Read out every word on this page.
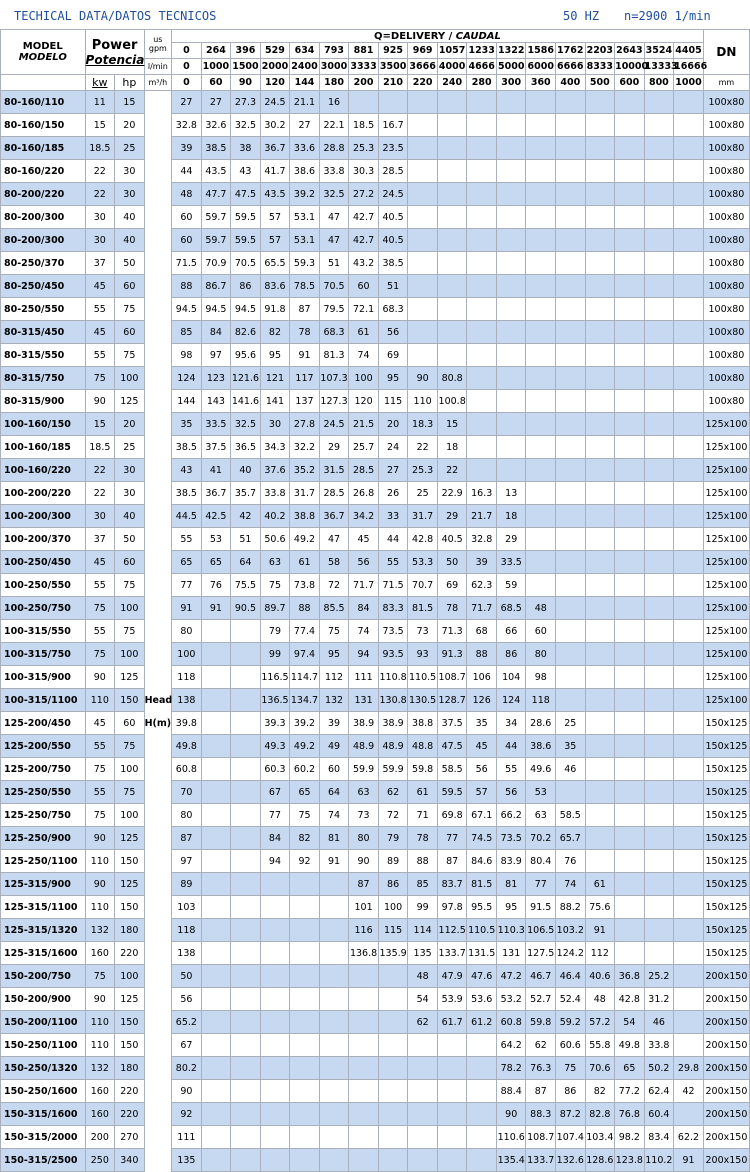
TECHICAL DATA/DATOS TECNICOS	50 HZ n=2900 1/min
MODEL
MODELO	Power
Potencia		us
gpm	Q=DELIVERY / CAUDAL																		DN
				0	264	396	529	634	793	881	925	969	1057	1233	1322	1586	1762	2203	2643	3524	4405	
			l/min	0	1000	1500	2000	2400	3000	3333	3500	3666	4000	4666	5000	6000	6666	8333	10000	13333	16666	
	kw	hp	m³/h	0	60	90	120	144	180	200	210	220	240	280	300	360	400	500	600	800	1000	mm
80-160/110	11	15		27	27	27.3	24.5	21.1	16													100x80
80-160/150	15	20		32.8	32.6	32.5	30.2	27	22.1	18.5	16.7											100x80
80-160/185	18.5	25		39	38.5	38	36.7	33.6	28.8	25.3	23.5											100x80
80-160/220	22	30		44	43.5	43	41.7	38.6	33.8	30.3	28.5											100x80
80-200/220	22	30		48	47.7	47.5	43.5	39.2	32.5	27.2	24.5											100x80
80-200/300	30	40		60	59.7	59.5	57	53.1	47	42.7	40.5											100x80
80-200/300	30	40		60	59.7	59.5	57	53.1	47	42.7	40.5											100x80
80-250/370	37	50		71.5	70.9	70.5	65.5	59.3	51	43.2	38.5											100x80
80-250/450	45	60		88	86.7	86	83.6	78.5	70.5	60	51											100x80
80-250/550	55	75		94.5	94.5	94.5	91.8	87	79.5	72.1	68.3											100x80
80-315/450	45	60		85	84	82.6	82	78	68.3	61	56											100x80
80-315/550	55	75		98	97	95.6	95	91	81.3	74	69											100x80
80-315/750	75	100		124	123	121.6	121	117	107.3	100	95	90	80.8									100x80
80-315/900	90	125		144	143	141.6	141	137	127.3	120	115	110	100.8									100x80
100-160/150	15	20		35	33.5	32.5	30	27.8	24.5	21.5	20	18.3	15									125x100
100-160/185	18.5	25		38.5	37.5	36.5	34.3	32.2	29	25.7	24	22	18									125x100
100-160/220	22	30		43	41	40	37.6	35.2	31.5	28.5	27	25.3	22									125x100
100-200/220	22	30		38.5	36.7	35.7	33.8	31.7	28.5	26.8	26	25	22.9	16.3	13							125x100
100-200/300	30	40		44.5	42.5	42	40.2	38.8	36.7	34.2	33	31.7	29	21.7	18							125x100
100-200/370	37	50		55	53	51	50.6	49.2	47	45	44	42.8	40.5	32.8	29							125x100
100-250/450	45	60		65	65	64	63	61	58	56	55	53.3	50	39	33.5							125x100
100-250/550	55	75		77	76	75.5	75	73.8	72	71.7	71.5	70.7	69	62.3	59							125x100
100-250/750	75	100		91	91	90.5	89.7	88	85.5	84	83.3	81.5	78	71.7	68.5	48						125x100
100-315/550	55	75		80			79	77.4	75	74	73.5	73	71.3	68	66	60						125x100
100-315/750	75	100		100			99	97.4	95	94	93.5	93	91.3	88	86	80						125x100
100-315/900	90	125		118			116.5	114.7	112	111	110.8	110.5	108.7	106	104	98						125x100
100-315/1100	110	150	Head	138			136.5	134.7	132	131	130.8	130.5	128.7	126	124	118						125x100
125-200/450	45	60	H(m)	39.8			39.3	39.2	39	38.9	38.9	38.8	37.5	35	34	28.6	25					150x125
125-200/550	55	75		49.8			49.3	49.2	49	48.9	48.9	48.8	47.5	45	44	38.6	35					150x125
125-200/750	75	100		60.8			60.3	60.2	60	59.9	59.9	59.8	58.5	56	55	49.6	46					150x125
125-250/550	55	75		70			67	65	64	63	62	61	59.5	57	56	53						150x125
125-250/750	75	100		80			77	75	74	73	72	71	69.8	67.1	66.2	63	58.5					150x125
125-250/900	90	125		87			84	82	81	80	79	78	77	74.5	73.5	70.2	65.7					150x125
125-250/1100	110	150		97			94	92	91	90	89	88	87	84.6	83.9	80.4	76					150x125
125-315/900	90	125		89						87	86	85	83.7	81.5	81	77	74	61				150x125
125-315/1100	110	150		103						101	100	99	97.8	95.5	95	91.5	88.2	75.6				150x125
125-315/1320	132	180		118						116	115	114	112.5	110.5	110.3	106.5	103.2	91				150x125
125-315/1600	160	220		138						136.8	135.9	135	133.7	131.5	131	127.5	124.2	112				150x125
150-200/750	75	100		50								48	47.9	47.6	47.2	46.7	46.4	40.6	36.8	25.2		200x150
150-200/900	90	125		56								54	53.9	53.6	53.2	52.7	52.4	48	42.8	31.2		200x150
150-200/1100	110	150		65.2								62	61.7	61.2	60.8	59.8	59.2	57.2	54	46		200x150
150-250/1100	110	150		67											64.2	62	60.6	55.8	49.8	33.8		200x150
150-250/1320	132	180		80.2											78.2	76.3	75	70.6	65	50.2	29.8	200x150
150-250/1600	160	220		90											88.4	87	86	82	77.2	62.4	42	200x150
150-315/1600	160	220		92											90	88.3	87.2	82.8	76.8	60.4		200x150
150-315/2000	200	270		111											110.6	108.7	107.4	103.4	98.2	83.4	62.2	200x150
150-315/2500	250	340		135											135.4	133.7	132.6	128.6	123.8	110.2	91	200x150
